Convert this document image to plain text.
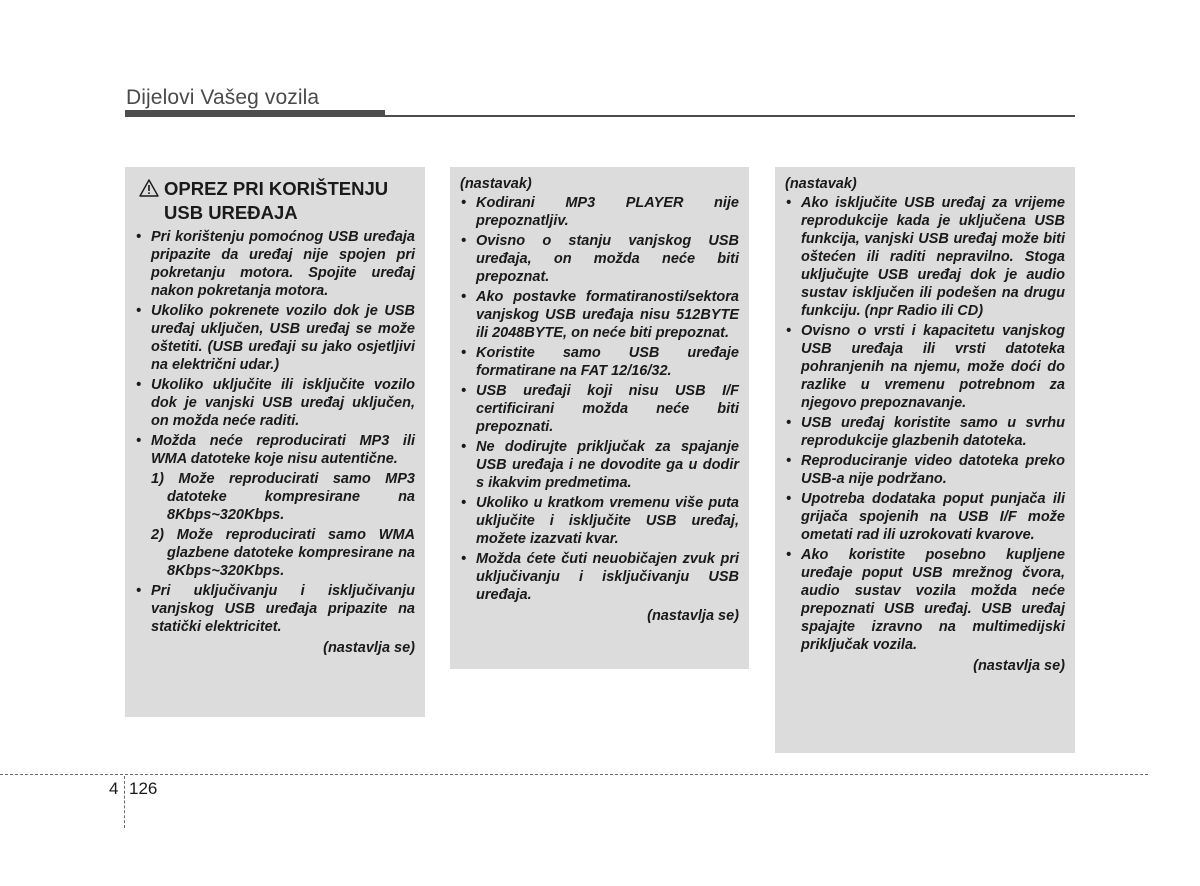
Dijelovi Vašeg vozila
OPREZ PRI KORIŠTENJU
USB UREĐAJA
• Pri korištenju pomoćnog USB uređaja pripazite da uređaj nije spojen pri pokretanju motora. Spojite uređaj nakon pokretanja motora.
• Ukoliko pokrenete vozilo dok je USB uređaj uključen, USB uređaj se može oštetiti. (USB uređaji su jako osjetljivi na električni udar.)
• Ukoliko uključite ili isključite vozilo dok je vanjski USB uređaj uključen, on možda neće raditi.
• Možda neće reproducirati MP3 ili WMA datoteke koje nisu autentične.
1) Može reproducirati samo MP3 datoteke kompresirane na 8Kbps~320Kbps.
2) Može reproducirati samo WMA glazbene datoteke kompresirane na 8Kbps~320Kbps.
• Pri uključivanju i isključivanju vanjskog USB uređaja pripazite na statički elektricitet.
(nastavlja se)
(nastavak)
• Kodirani MP3 PLAYER nije prepoznatljiv.
• Ovisno o stanju vanjskog USB uređaja, on možda neće biti prepoznat.
• Ako postavke formatiranosti/sektora vanjskog USB uređaja nisu 512BYTE ili 2048BYTE, on neće biti prepoznat.
• Koristite samo USB uređaje formatirane na FAT 12/16/32.
• USB uređaji koji nisu USB I/F certificirani možda neće biti prepoznati.
• Ne dodirujte priključak za spajanje USB uređaja i ne dovodite ga u dodir s ikakvim predmetima.
• Ukoliko u kratkom vremenu više puta uključite i isključite USB uređaj, možete izazvati kvar.
• Možda ćete čuti neuobičajen zvuk pri uključivanju i isključivanju USB uređaja.
(nastavlja se)
(nastavak)
• Ako isključite USB uređaj za vrijeme reprodukcije kada je uključena USB funkcija, vanjski USB uređaj može biti oštećen ili raditi nepravilno. Stoga uključujte USB uređaj dok je audio sustav isključen ili podešen na drugu funkciju. (npr Radio ili CD)
• Ovisno o vrsti i kapacitetu vanjskog USB uređaja ili vrsti datoteka pohranjenih na njemu, može doći do razlike u vremenu potrebnom za njegovo prepoznavanje.
• USB uređaj koristite samo u svrhu reprodukcije glazbenih datoteka.
• Reproduciranje video datoteka preko USB-a nije podržano.
• Upotreba dodataka poput punjača ili grijača spojenih na USB I/F može ometati rad ili uzrokovati kvarove.
• Ako koristite posebno kupljene uređaje poput USB mrežnog čvora, audio sustav vozila možda neće prepoznati USB uređaj. USB uređaj spajajte izravno na multimedijski priključak vozila.
(nastavlja se)
4 126
